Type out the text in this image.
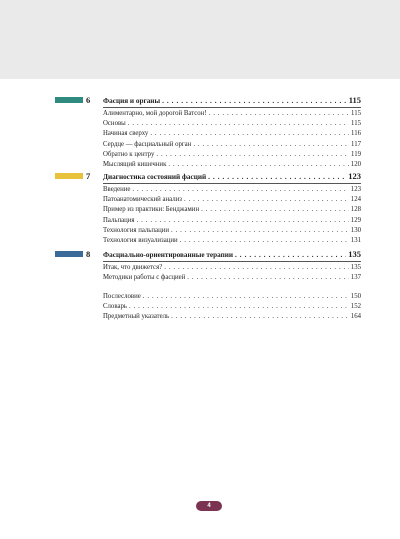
6 Фасция и органы . . .	115
Алиментарно, мой дорогой Ватсон! . . .	115
Основы . . .	115
Начиная сверху . . .	116
Сердце — фасциальный орган . . .	117
Обратно к центру . . .	119
Мыслящий кишечник . . .	120
7 Диагностика состояний фасций . . .	123
Введение . . .	123
Патоанатомический анализ . . .	124
Пример из практики: Бенджамин . . .	128
Пальпация . . .	129
Технология пальпации . . .	130
Технология визуализации . . .	131
8 Фасциально-ориентированные терапии . . .	135
Итак, что движется? . . .	135
Методики работы с фасцией . . .	137
Послесловие . . .	150
Словарь . . .	152
Предметный указатель . . .	164
4
